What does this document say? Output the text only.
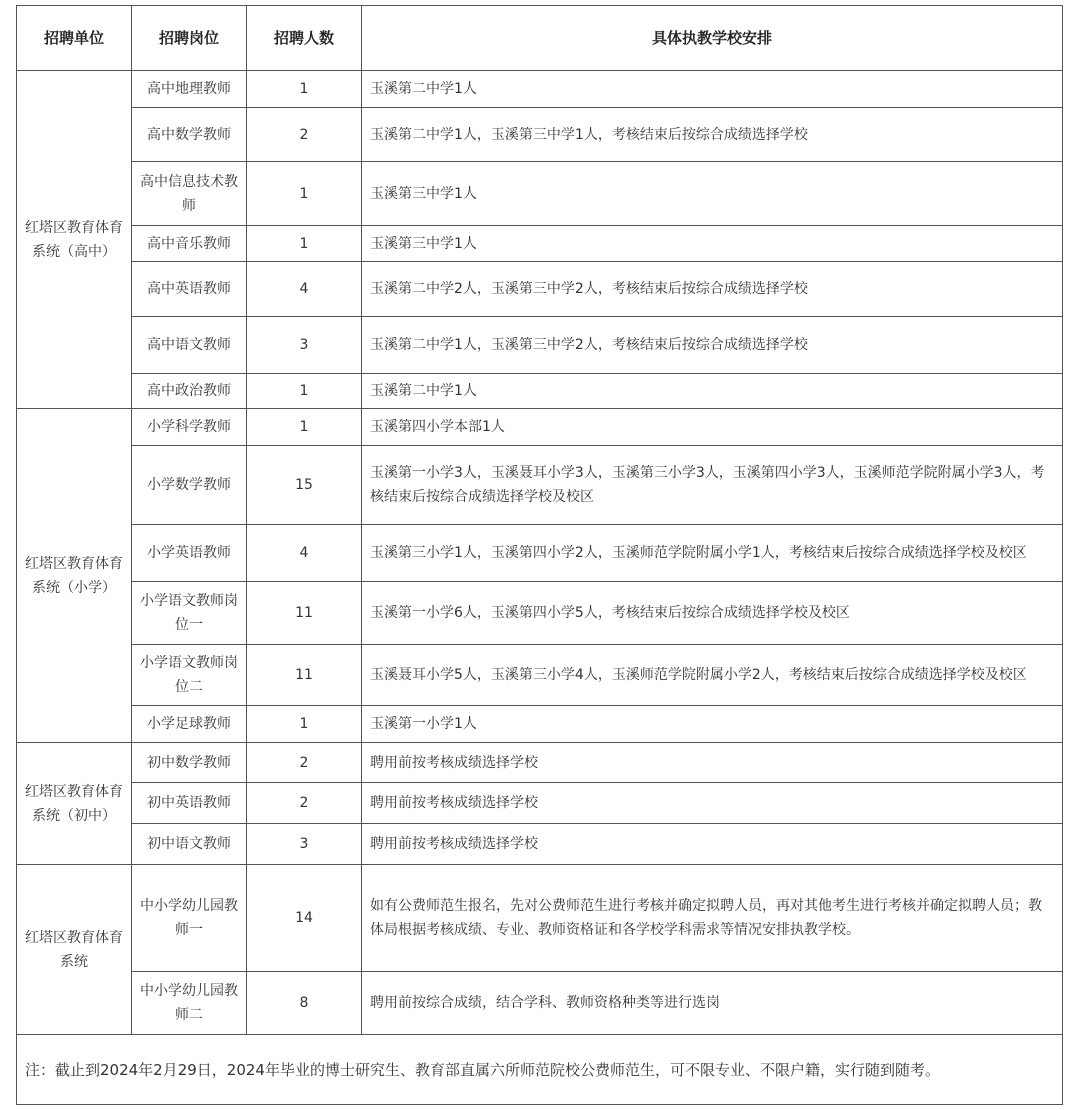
招聘单位	招聘岗位	招聘人数	具体执教学校安排
红塔区教育体育系统（高中）	高中地理教师	1	玉溪第二中学1人
	高中数学教师	2	玉溪第二中学1人，玉溪第三中学1人，考核结束后按综合成绩选择学校
	高中信息技术教师	1	玉溪第三中学1人
	高中音乐教师	1	玉溪第三中学1人
	高中英语教师	4	玉溪第二中学2人，玉溪第三中学2人，考核结束后按综合成绩选择学校
	高中语文教师	3	玉溪第二中学1人，玉溪第三中学2人，考核结束后按综合成绩选择学校
	高中政治教师	1	玉溪第二中学1人
红塔区教育体育系统（小学）	小学科学教师	1	玉溪第四小学本部1人
	小学数学教师	15	玉溪第一小学3人，玉溪聂耳小学3人，玉溪第三小学3人，玉溪第四小学3人，玉溪师范学院附属小学3人，考核结束后按综合成绩选择学校及校区
	小学英语教师	4	玉溪第三小学1人，玉溪第四小学2人，玉溪师范学院附属小学1人，考核结束后按综合成绩选择学校及校区
	小学语文教师岗位一	11	玉溪第一小学6人，玉溪第四小学5人，考核结束后按综合成绩选择学校及校区
	小学语文教师岗位二	11	玉溪聂耳小学5人，玉溪第三小学4人，玉溪师范学院附属小学2人，考核结束后按综合成绩选择学校及校区
	小学足球教师	1	玉溪第一小学1人
红塔区教育体育系统（初中）	初中数学教师	2	聘用前按考核成绩选择学校
	初中英语教师	2	聘用前按考核成绩选择学校
	初中语文教师	3	聘用前按考核成绩选择学校
红塔区教育体育系统	中小学幼儿园教师一	14	如有公费师范生报名，先对公费师范生进行考核并确定拟聘人员，再对其他考生进行考核并确定拟聘人员；教体局根据考核成绩、专业、教师资格证和各学校学科需求等情况安排执教学校。
	中小学幼儿园教师二	8	聘用前按综合成绩，结合学科、教师资格种类等进行选岗
注：截止到2024年2月29日，2024年毕业的博士研究生、教育部直属六所师范院校公费师范生，可不限专业、不限户籍，实行随到随考。			
